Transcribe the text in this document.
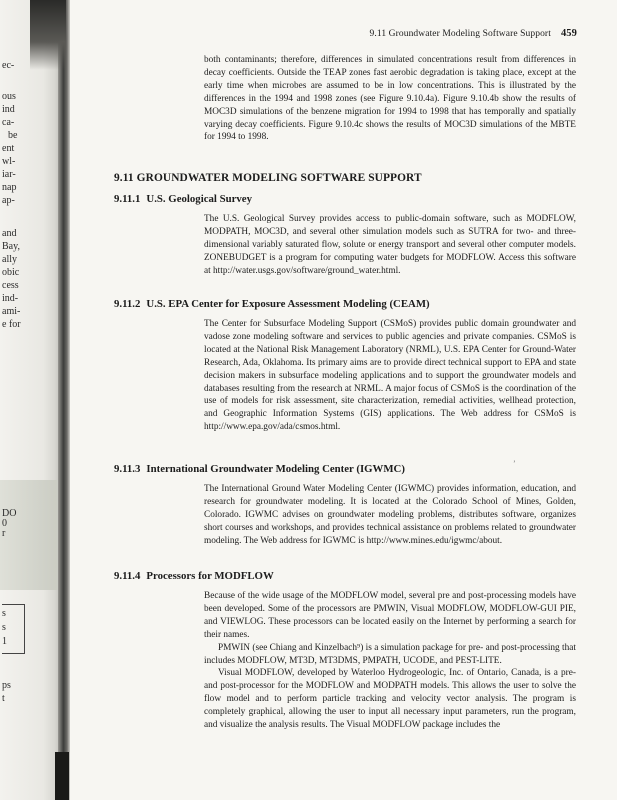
DO
0
r
ec-
ous
ind
ca-
be
ent
wl-
iar-
nap
ap-
and
Bay,
ally
obic
cess
ind-
ami-
e for
s
s
1
ps
t
9.11 Groundwater Modeling Software Support 459

both contaminants; therefore, differences in simulated concentrations result from differences in decay coefficients. Outside the TEAP zones fast aerobic degradation is taking place, except at the early time when microbes are assumed to be in low concentrations. This is illustrated by the differences in the 1994 and 1998 zones (see Figure 9.10.4a). Figure 9.10.4b show the results of MOC3D simulations of the benzene migration for 1994 to 1998 that has temporally and spatially varying decay coefficients. Figure 9.10.4c shows the results of MOC3D simulations of the MBTE for 1994 to 1998.

9.11 GROUNDWATER MODELING SOFTWARE SUPPORT
9.11.1 U.S. Geological Survey

The U.S. Geological Survey provides access to public-domain software, such as MODFLOW, MODPATH, MOC3D, and several other simulation models such as SUTRA for two- and three-dimensional variably saturated flow, solute or energy transport and several other computer models. ZONEBUDGET is a program for computing water budgets for MODFLOW. Access this software at http://water.usgs.gov/software/ground_water.html.

9.11.2 U.S. EPA Center for Exposure Assessment Modeling (CEAM)

The Center for Subsurface Modeling Support (CSMoS) provides public domain groundwater and vadose zone modeling software and services to public agencies and private companies. CSMoS is located at the National Risk Management Laboratory (NRML), U.S. EPA Center for Ground-Water Research, Ada, Oklahoma. Its primary aims are to provide direct technical support to EPA and state decision makers in subsurface modeling applications and to support the groundwater models and databases resulting from the research at NRML. A major focus of CSMoS is the coordination of the use of models for risk assessment, site characterization, remedial activities, wellhead protection, and Geographic Information Systems (GIS) applications. The Web address for CSMoS is http://www.epa.gov/ada/csmos.html.

9.11.3 International Groundwater Modeling Center (IGWMC)	ʼ

The International Ground Water Modeling Center (IGWMC) provides information, education, and research for groundwater modeling. It is located at the Colorado School of Mines, Golden, Colorado. IGWMC advises on groundwater modeling problems, distributes software, organizes short courses and workshops, and provides technical assistance on problems related to groundwater modeling. The Web address for IGWMC is http://www.mines.edu/igwmc/about.

9.11.4 Processors for MODFLOW

Because of the wide usage of the MODFLOW model, several pre and post-processing models have been developed. Some of the processors are PMWIN, Visual MODFLOW, MODFLOW-GUI PIE, and VIEWLOG. These processors can be located easily on the Internet by performing a search for their names.

PMWIN (see Chiang and Kinzelbach⁹) is a simulation package for pre- and post-processing that includes MODFLOW, MT3D, MT3DMS, PMPATH, UCODE, and PEST-LITE.

Visual MODFLOW, developed by Waterloo Hydrogeologic, Inc. of Ontario, Canada, is a pre-and post-processor for the MODFLOW and MODPATH models. This allows the user to solve the flow model and to perform particle tracking and velocity vector analysis. The program is completely graphical, allowing the user to input all necessary input parameters, run the program, and visualize the analysis results. The Visual MODFLOW package includes the
